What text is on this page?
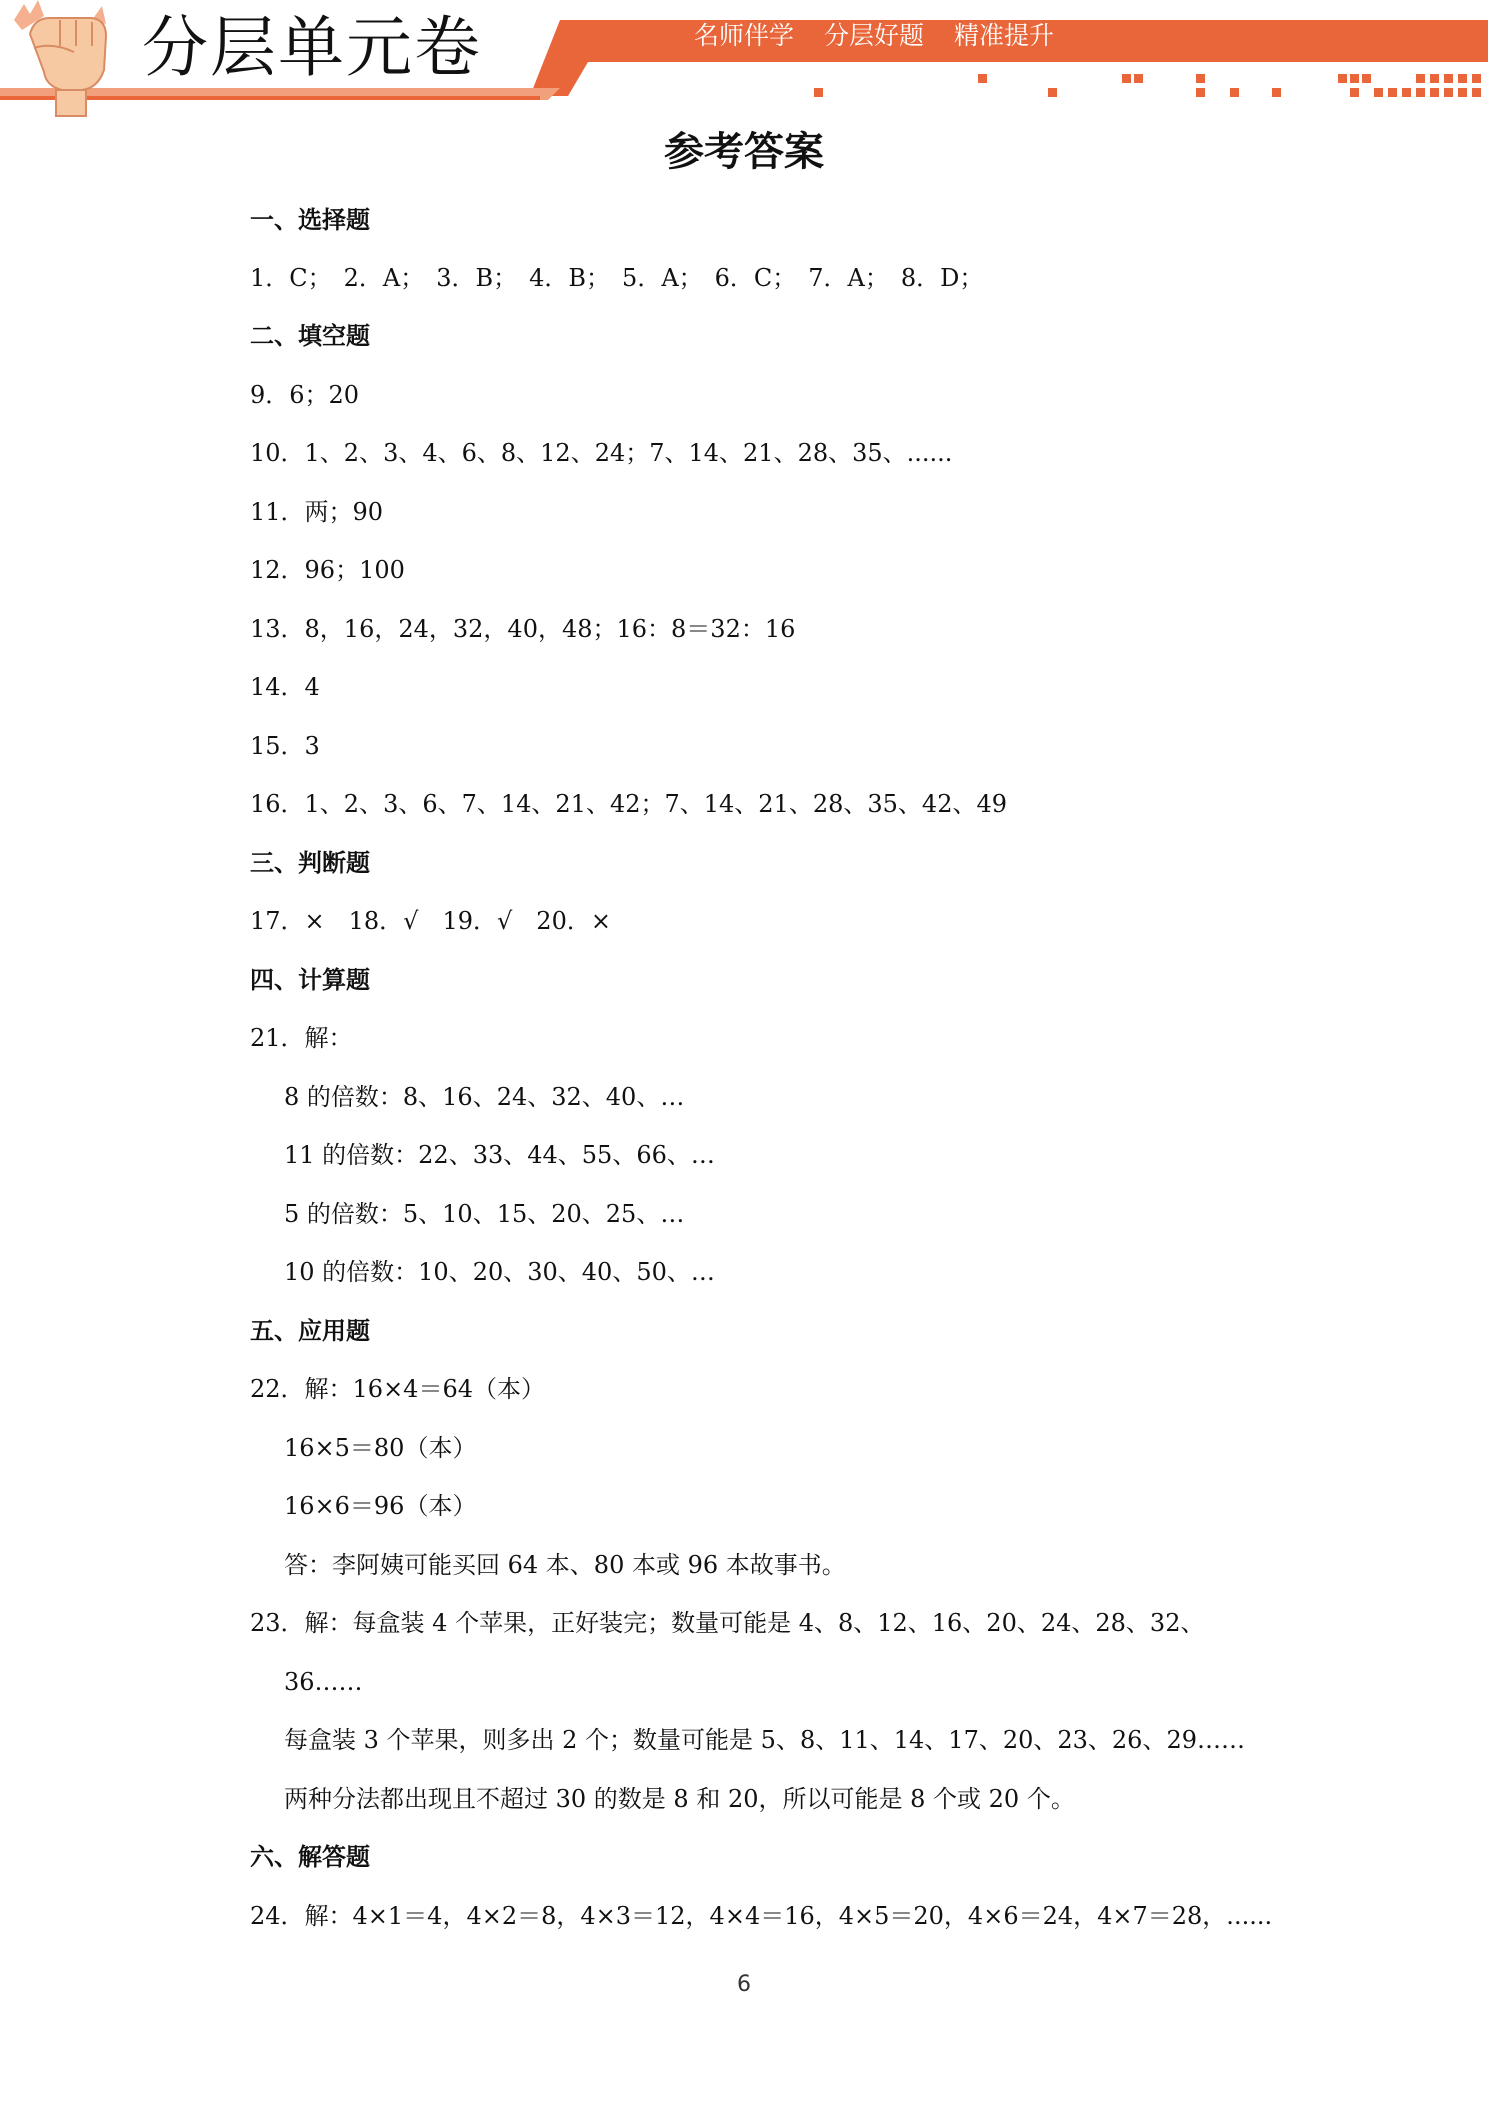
分层单元卷	名师伴学 分层好题 精准提升
参考答案
一、选择题
1．C；　2．A；　3．B；　4．B；　5．A；　6．C；　7．A；　8．D；
二、填空题
9．6；20
10．1、2、3、4、6、8、12、24；7、14、21、28、35、......
11．两；90
12．96；100
13．8，16，24，32，40，48；16：8＝32：16
14．4
15．3
16．1、2、3、6、7、14、21、42；7、14、21、28、35、42、49
三、判断题
17．×　18．√　19．√　20．×
四、计算题
21．解：
8 的倍数：8、16、24、32、40、…
11 的倍数：22、33、44、55、66、…
5 的倍数：5、10、15、20、25、…
10 的倍数：10、20、30、40、50、…
五、应用题
22．解：16×4＝64（本）
16×5＝80（本）
16×6＝96（本）
答：李阿姨可能买回 64 本、80 本或 96 本故事书。
23．解：每盒装 4 个苹果，正好装完；数量可能是 4、8、12、16、20、24、28、32、
36……
每盒装 3 个苹果，则多出 2 个；数量可能是 5、8、11、14、17、20、23、26、29……
两种分法都出现且不超过 30 的数是 8 和 20，所以可能是 8 个或 20 个。
六、解答题
24．解：4×1＝4，4×2＝8，4×3＝12，4×4＝16，4×5＝20，4×6＝24，4×7＝28，......
6
